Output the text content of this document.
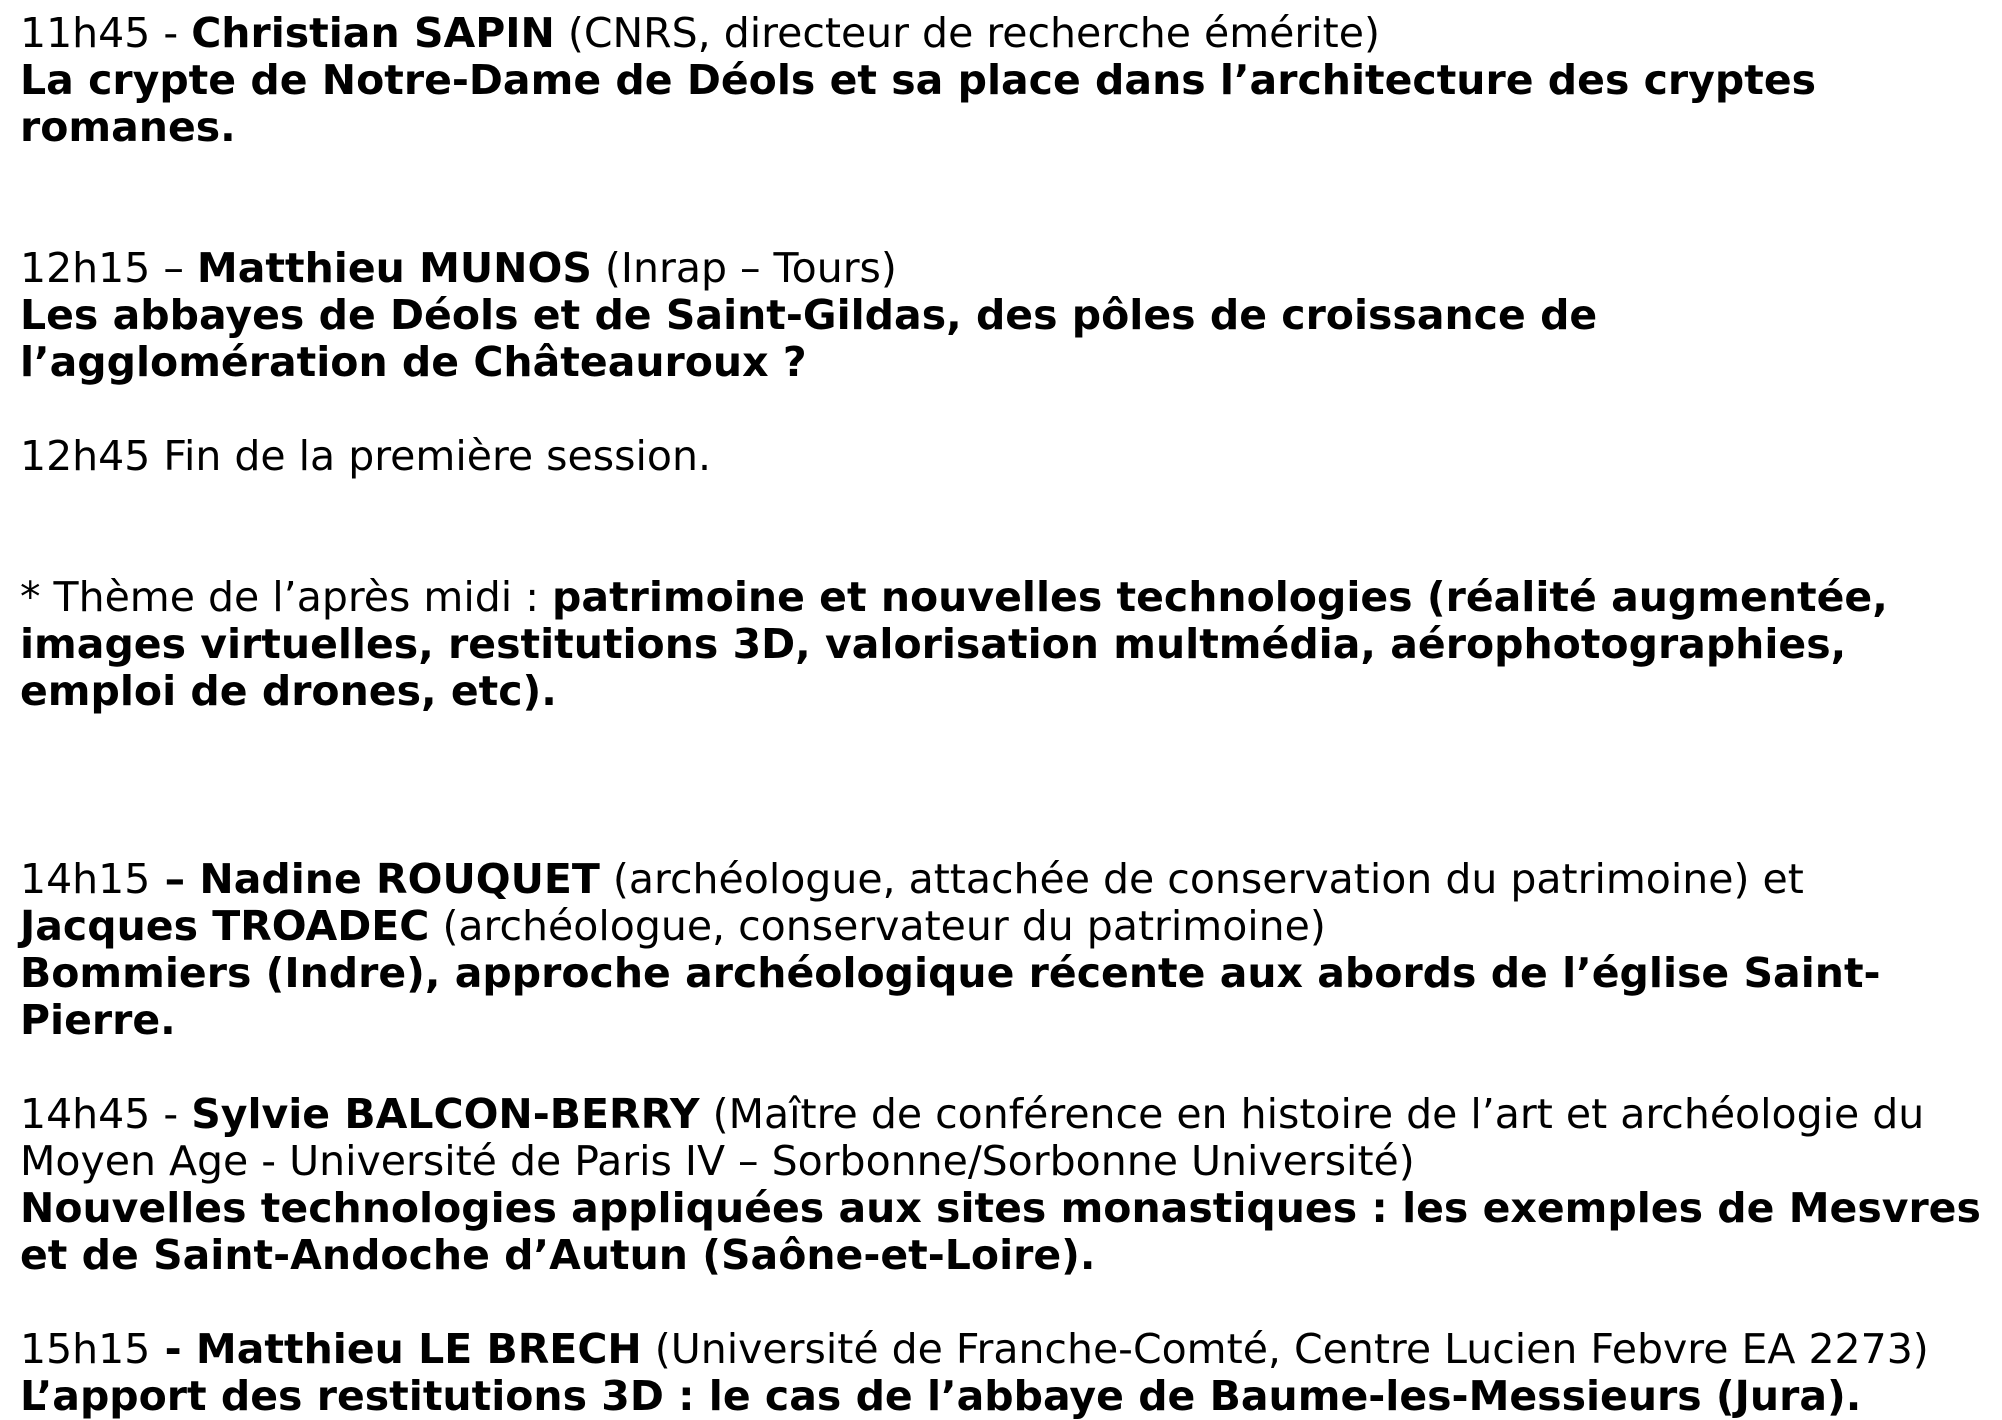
11h45 - Christian SAPIN (CNRS, directeur de recherche émérite)
La crypte de Notre-Dame de Déols et sa place dans l’architecture des cryptes romanes.
12h15 – Matthieu MUNOS (Inrap – Tours)
Les abbayes de Déols et de Saint-Gildas, des pôles de croissance de l’agglomération de Châteauroux ?
12h45 Fin de la première session.
* Thème de l’après midi : patrimoine et nouvelles technologies (réalité augmentée, images virtuelles, restitutions 3D, valorisation multmédia, aérophotographies, emploi de drones, etc).
14h15 – Nadine ROUQUET (archéologue, attachée de conservation du patrimoine) et Jacques TROADEC (archéologue, conservateur du patrimoine)
Bommiers (Indre), approche archéologique récente aux abords de l’église Saint-Pierre.
14h45 - Sylvie BALCON-BERRY (Maître de conférence en histoire de l’art et archéologie du Moyen Age - Université de Paris IV – Sorbonne/Sorbonne Université)
Nouvelles technologies appliquées aux sites monastiques : les exemples de Mesvres et de Saint-Andoche d’Autun (Saône-et-Loire).
15h15 - Matthieu LE BRECH (Université de Franche-Comté, Centre Lucien Febvre EA 2273)
L’apport des restitutions 3D : le cas de l’abbaye de Baume-les-Messieurs (Jura).
